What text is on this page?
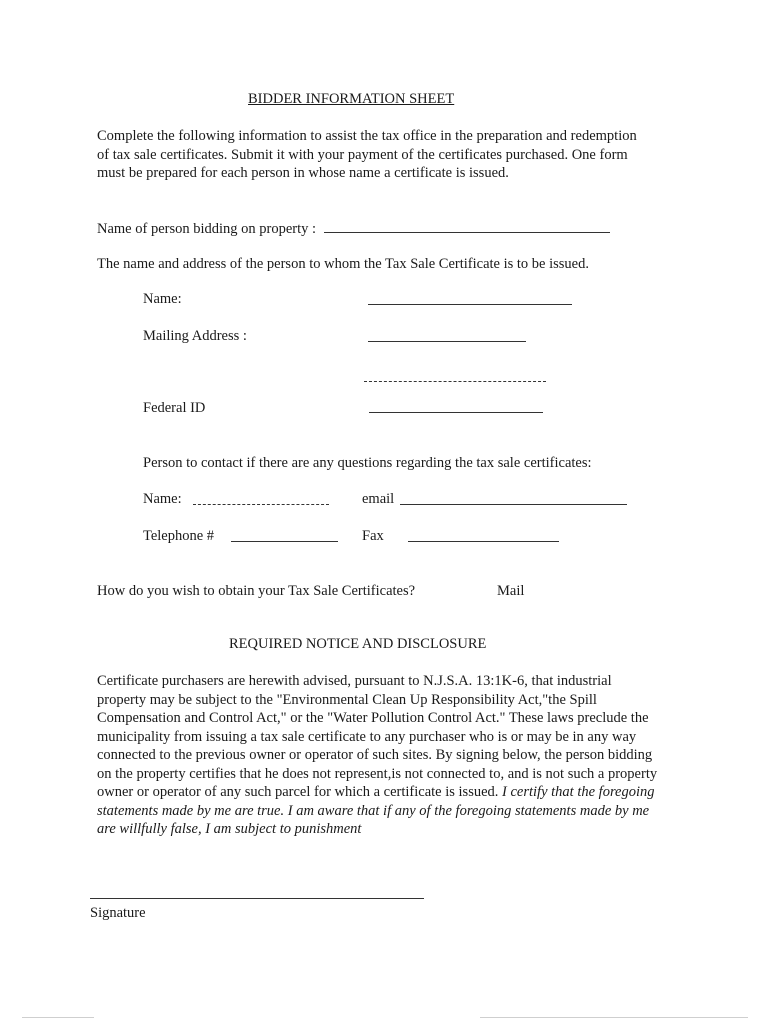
BIDDER INFORMATION SHEET
Complete the following information to assist the tax office in the preparation and redemption of tax sale certificates. Submit it with your payment of the certificates purchased. One form must be prepared for each person in whose name a certificate is issued.
Name of person bidding on property :
The name and address of the person to whom the Tax Sale Certificate is to be issued.
Name:
Mailing Address :
Federal ID
Person to contact if there are any questions regarding the tax sale certificates:
Name:	email
Telephone #	Fax
How do you wish to obtain your Tax Sale Certificates?	Mail
REQUIRED NOTICE AND DISCLOSURE
Certificate purchasers are herewith advised, pursuant to N.J.S.A. 13:1K-6, that industrial property may be subject to the "Environmental Clean Up Responsibility Act,"the Spill Compensation and Control Act," or the "Water Pollution Control Act." These laws preclude the municipality from issuing a tax sale certificate to any purchaser who is or may be in any way connected to the previous owner or operator of such sites. By signing below, the person bidding on the property certifies that he does not represent,is not connected to, and is not such a property owner or operator of any such parcel for which a certificate is issued. I certify that the foregoing statements made by me are true. I am aware that if any of the foregoing statements made by me are willfully false, I am subject to punishment
Signature
